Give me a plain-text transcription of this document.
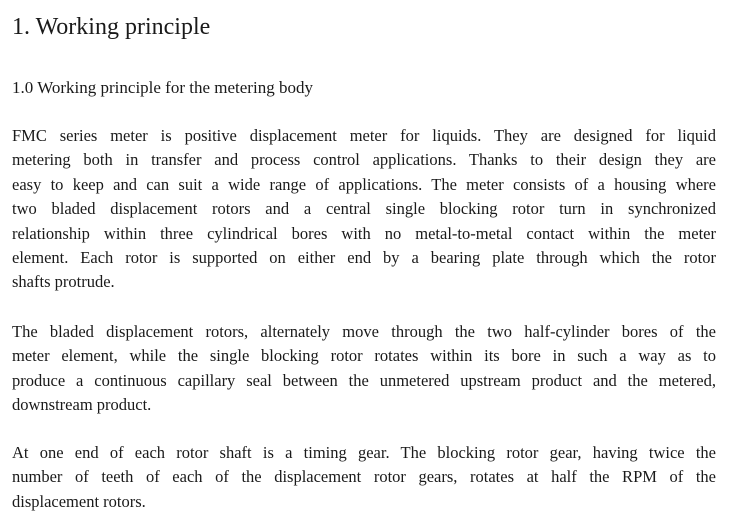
1. Working principle
1.0 Working principle for the metering body

FMC series meter is positive displacement meter for liquids. They are designed for liquid
metering both in transfer and process control applications. Thanks to their design they are
easy to keep and can suit a wide range of applications. The meter consists of a housing where
two bladed displacement rotors and a central single blocking rotor turn in synchronized
relationship within three cylindrical bores with no metal-to-metal contact within the meter
element. Each rotor is supported on either end by a bearing plate through which the rotor
shafts protrude.

The bladed displacement rotors, alternately move through the two half-cylinder bores of the
meter element, while the single blocking rotor rotates within its bore in such a way as to
produce a continuous capillary seal between the unmetered upstream product and the metered,
downstream product.

At one end of each rotor shaft is a timing gear. The blocking rotor gear, having twice the
number of teeth of each of the displacement rotor gears, rotates at half the RPM of the
displacement rotors.
